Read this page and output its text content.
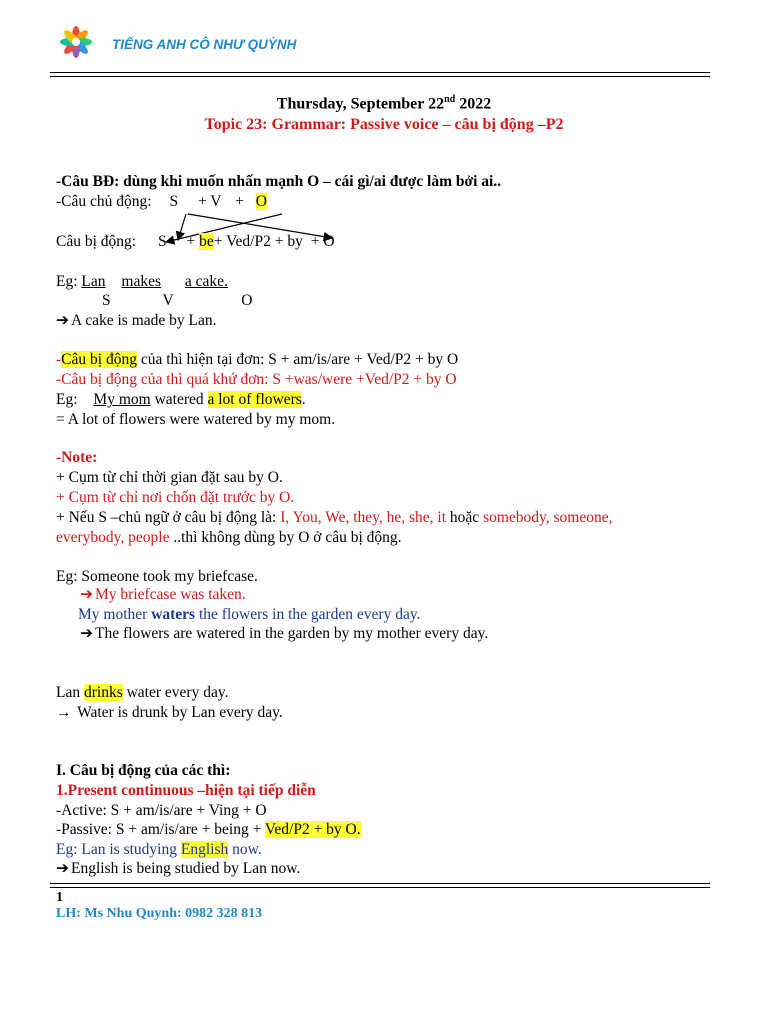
TIẾNG ANH CÔ NHƯ QUỲNH
Thursday, September 22nd 2022
Topic 23: Grammar: Passive voice – câu bị động –P2
-Câu BĐ: dùng khi muốn nhấn mạnh O – cái gì/ai được làm bởi ai..
-Câu chủ động: S + V + O
Câu bị động: S + be+ Ved/P2 + by + O
Eg: Lan makes a cake.
S	V	O
➔ A cake is made by Lan.
-Câu bị động của thì hiện tại đơn: S + am/is/are + Ved/P2 + by O
-Câu bị động của thì quá khứ đơn: S +was/were +Ved/P2 + by O
Eg: My mom watered a lot of flowers.
= A lot of flowers were watered by my mom.
-Note:
+ Cụm từ chỉ thời gian đặt sau by O.
+ Cụm từ chỉ nơi chốn đặt trước by O.
+ Nếu S –chủ ngữ ở câu bị động là: I, You, We, they, he, she, it hoặc somebody, someone,
everybody, people ..thì không dùng by O ở câu bị động.
Eg: Someone took my briefcase.
➔ My briefcase was taken.
My mother waters the flowers in the garden every day.
➔ The flowers are watered in the garden by my mother every day.
Lan drinks water every day.
→ Water is drunk by Lan every day.
I. Câu bị động của các thì:
1.Present continuous –hiện tại tiếp diễn
-Active: S + am/is/are + Ving + O
-Passive: S + am/is/are + being + Ved/P2 + by O.
Eg: Lan is studying English now.
➔ English is being studied by Lan now.
1
LH: Ms Nhu Quynh: 0982 328 813
